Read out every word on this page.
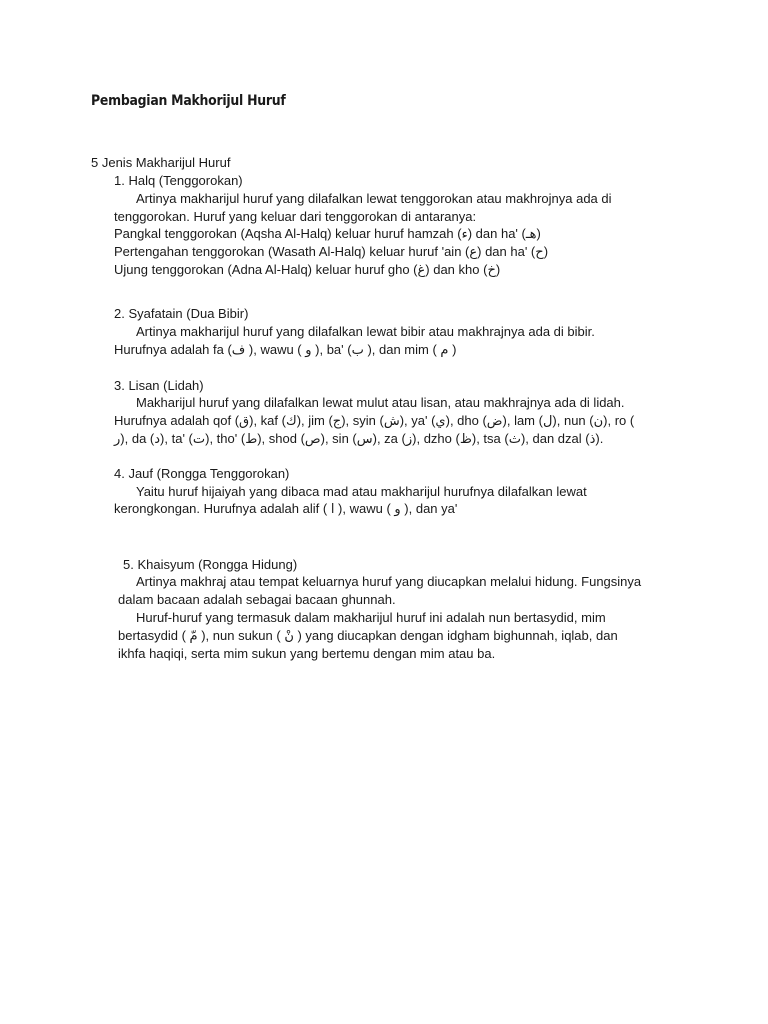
Pembagian Makhorijul Huruf
5 Jenis Makharijul Huruf
1. Halq (Tenggorokan)
Artinya makharijul huruf yang dilafalkan lewat tenggorokan atau makhrojnya ada di
tenggorokan. Huruf yang keluar dari tenggorokan di antaranya:
Pangkal tenggorokan (Aqsha Al-Halq) keluar huruf hamzah (ء) dan ha' (هـ)
Pertengahan tenggorokan (Wasath Al-Halq) keluar huruf 'ain (ع) dan ha' (ح)
Ujung tenggorokan (Adna Al-Halq) keluar huruf gho (غ) dan kho (خ)
2. Syafatain (Dua Bibir)
Artinya makharijul huruf yang dilafalkan lewat bibir atau makhrajnya ada di bibir.
Hurufnya adalah fa (ف ), wawu ( و ), ba' (ب ), dan mim ( م )
3. Lisan (Lidah)
Makharijul huruf yang dilafalkan lewat mulut atau lisan, atau makhrajnya ada di lidah.
Hurufnya adalah qof (ق), kaf (ك), jim (ج), syin (ش), ya' (ي), dho (ض), lam (ل), nun (ن), ro (
ر), da (د), ta' (ت), tho' (ط), shod (ص), sin (س), za (ز), dzho (ظ), tsa (ث), dan dzal (ذ).
4. Jauf (Rongga Tenggorokan)
Yaitu huruf hijaiyah yang dibaca mad atau makharijul hurufnya dilafalkan lewat
kerongkongan. Hurufnya adalah alif ( ا ), wawu ( و ), dan ya'
5. Khaisyum (Rongga Hidung)
Artinya makhraj atau tempat keluarnya huruf yang diucapkan melalui hidung. Fungsinya
dalam bacaan adalah sebagai bacaan ghunnah.
Huruf-huruf yang termasuk dalam makharijul huruf ini adalah nun bertasydid, mim
bertasydid ( مّ ), nun sukun ( نْ ) yang diucapkan dengan idgham bighunnah, iqlab, dan
ikhfa haqiqi, serta mim sukun yang bertemu dengan mim atau ba.
